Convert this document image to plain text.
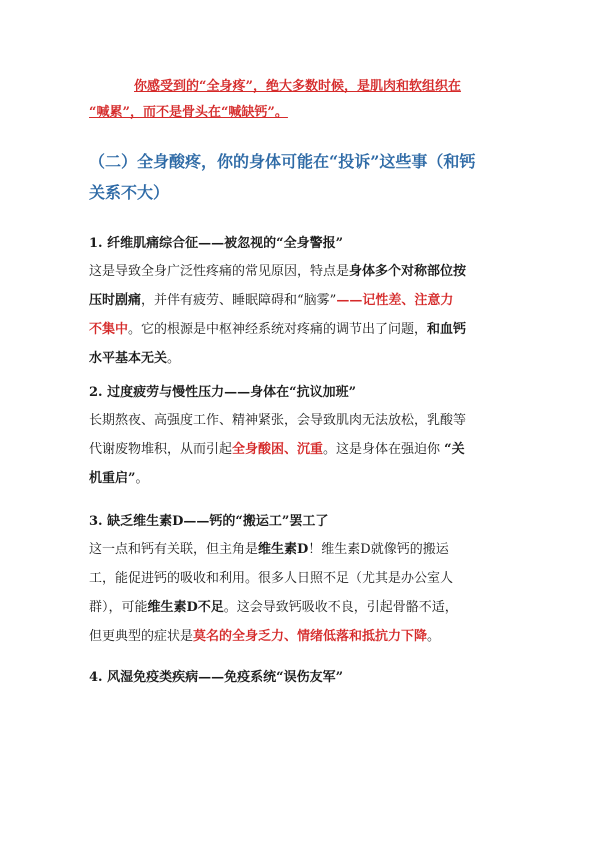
你感受到的“全身疼”，绝大多数时候，是肌肉和软组织在
“喊累”，而不是骨头在“喊缺钙”。
（二）全身酸疼，你的身体可能在“投诉”这些事（和钙
关系不大）
1. 纤维肌痛综合征——被忽视的“全身警报”
这是导致全身广泛性疼痛的常见原因，特点是身体多个对称部位按
压时剧痛，并伴有疲劳、睡眠障碍和“脑雾”——记性差、注意力
不集中。它的根源是中枢神经系统对疼痛的调节出了问题，和血钙
水平基本无关。
2. 过度疲劳与慢性压力——身体在“抗议加班”
长期熬夜、高强度工作、精神紧张，会导致肌肉无法放松，乳酸等
代谢废物堆积，从而引起全身酸困、沉重。这是身体在强迫你 “关
机重启”。
3. 缺乏维生素D——钙的“搬运工”罢工了
这一点和钙有关联，但主角是维生素D！维生素D就像钙的搬运
工，能促进钙的吸收和利用。很多人日照不足（尤其是办公室人
群），可能维生素D不足。这会导致钙吸收不良，引起骨骼不适，
但更典型的症状是莫名的全身乏力、情绪低落和抵抗力下降。
4. 风湿免疫类疾病——免疫系统“误伤友军”
